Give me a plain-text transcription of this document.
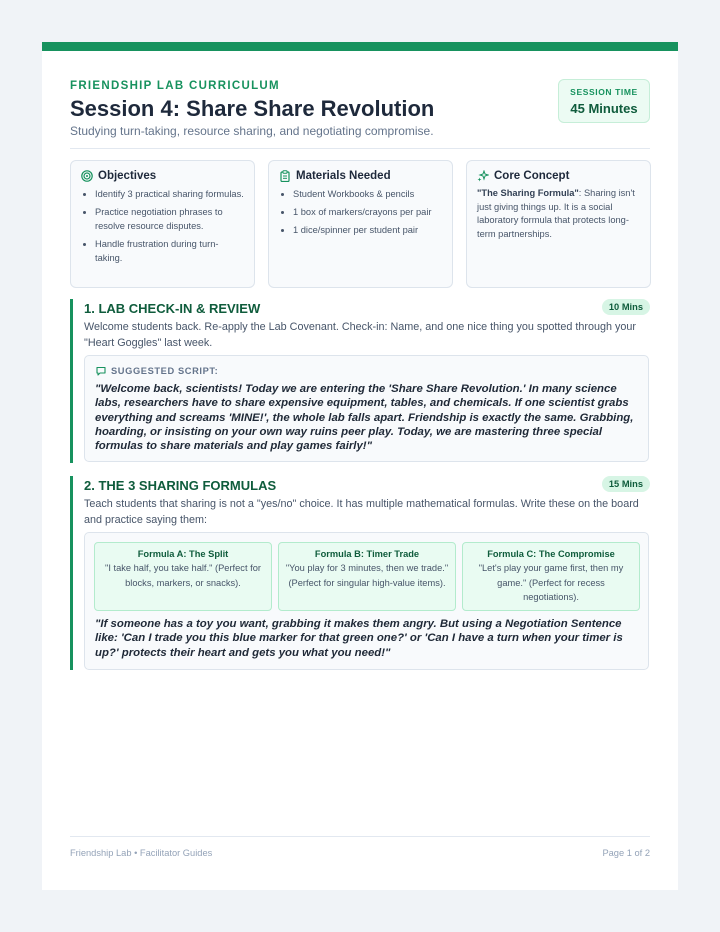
FRIENDSHIP LAB CURRICULUM
Session 4: Share Share Revolution
Studying turn-taking, resource sharing, and negotiating compromise.
SESSION TIME
45 Minutes
Objectives
• Identify 3 practical sharing formulas.
• Practice negotiation phrases to resolve resource disputes.
• Handle frustration during turn-taking.
Materials Needed
• Student Workbooks & pencils
• 1 box of markers/crayons per pair
• 1 dice/spinner per student pair
Core Concept
"The Sharing Formula": Sharing isn't just giving things up. It is a social laboratory formula that protects long-term partnerships.
1. LAB CHECK-IN & REVIEW	10 Mins
Welcome students back. Re-apply the Lab Covenant. Check-in: Name, and one nice thing you spotted through your "Heart Goggles" last week.
SUGGESTED SCRIPT:
"Welcome back, scientists! Today we are entering the 'Share Share Revolution.' In many science labs, researchers have to share expensive equipment, tables, and chemicals. If one scientist grabs everything and screams 'MINE!', the whole lab falls apart. Friendship is exactly the same. Grabbing, hoarding, or insisting on your own way ruins peer play. Today, we are mastering three special formulas to share materials and play games fairly!"
2. THE 3 SHARING FORMULAS	15 Mins
Teach students that sharing is not a "yes/no" choice. It has multiple mathematical formulas. Write these on the board and practice saying them:
Formula A: The Split
"I take half, you take half." (Perfect for blocks, markers, or snacks).
Formula B: Timer Trade
"You play for 3 minutes, then we trade." (Perfect for singular high-value items).
Formula C: The Compromise
"Let's play your game first, then my game." (Perfect for recess negotiations).
"If someone has a toy you want, grabbing it makes them angry. But using a Negotiation Sentence like: 'Can I trade you this blue marker for that green one?' or 'Can I have a turn when your timer is up?' protects their heart and gets you what you need!"
Friendship Lab • Facilitator Guides	Page 1 of 2
